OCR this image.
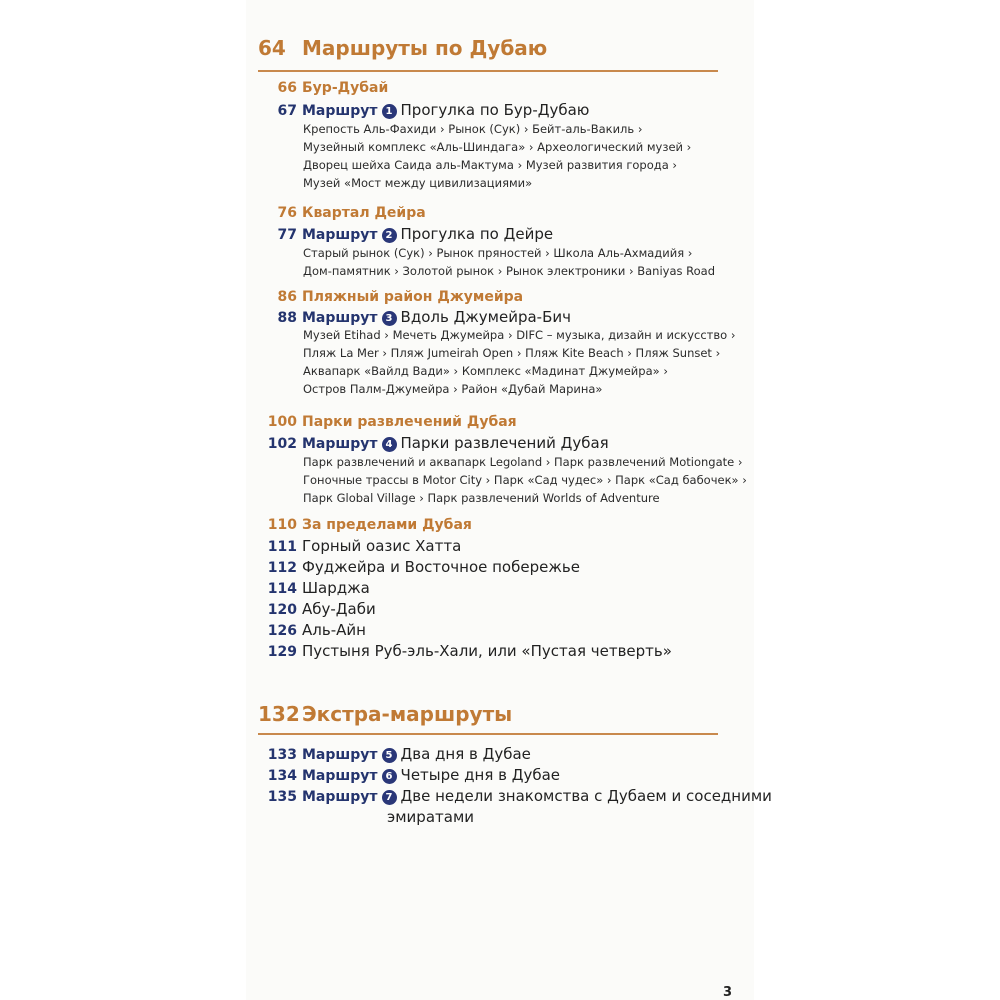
64 Маршруты по Дубаю
66 Бур-Дубай
67 Маршрут 1 Прогулка по Бур-Дубаю
Крепость Аль-Фахиди › Рынок (Сук) › Бейт-аль-Вакиль ›
Музейный комплекс «Аль-Шиндага» › Археологический музей ›
Дворец шейха Саида аль-Мактума › Музей развития города ›
Музей «Мост между цивилизациями»
76 Квартал Дейра
77 Маршрут 2 Прогулка по Дейре
Старый рынок (Сук) › Рынок пряностей › Школа Аль-Ахмадийя ›
Дом-памятник › Золотой рынок › Рынок электроники › Baniyas Road
86 Пляжный район Джумейра
88 Маршрут 3 Вдоль Джумейра-Бич
Музей Etihad › Мечеть Джумейра › DIFC – музыка, дизайн и искусство ›
Пляж La Mer › Пляж Jumeirah Open › Пляж Kite Beach › Пляж Sunset ›
Аквапарк «Вайлд Вади» › Комплекс «Мадинат Джумейра» ›
Остров Палм-Джумейра › Район «Дубай Марина»
100 Парки развлечений Дубая
102 Маршрут 4 Парки развлечений Дубая
Парк развлечений и аквапарк Legoland › Парк развлечений Motiongate ›
Гоночные трассы в Motor City › Парк «Сад чудес» › Парк «Сад бабочек» ›
Парк Global Village › Парк развлечений Worlds of Adventure
110 За пределами Дубая
111 Горный оазис Хатта
112 Фуджейра и Восточное побережье
114 Шарджа
120 Абу-Даби
126 Аль-Айн
129 Пустыня Руб-эль-Хали, или «Пустая четверть»
132 Экстра-маршруты
133 Маршрут 5 Два дня в Дубае
134 Маршрут 6 Четыре дня в Дубае
135 Маршрут 7 Две недели знакомства с Дубаем и соседними
эмиратами
3
